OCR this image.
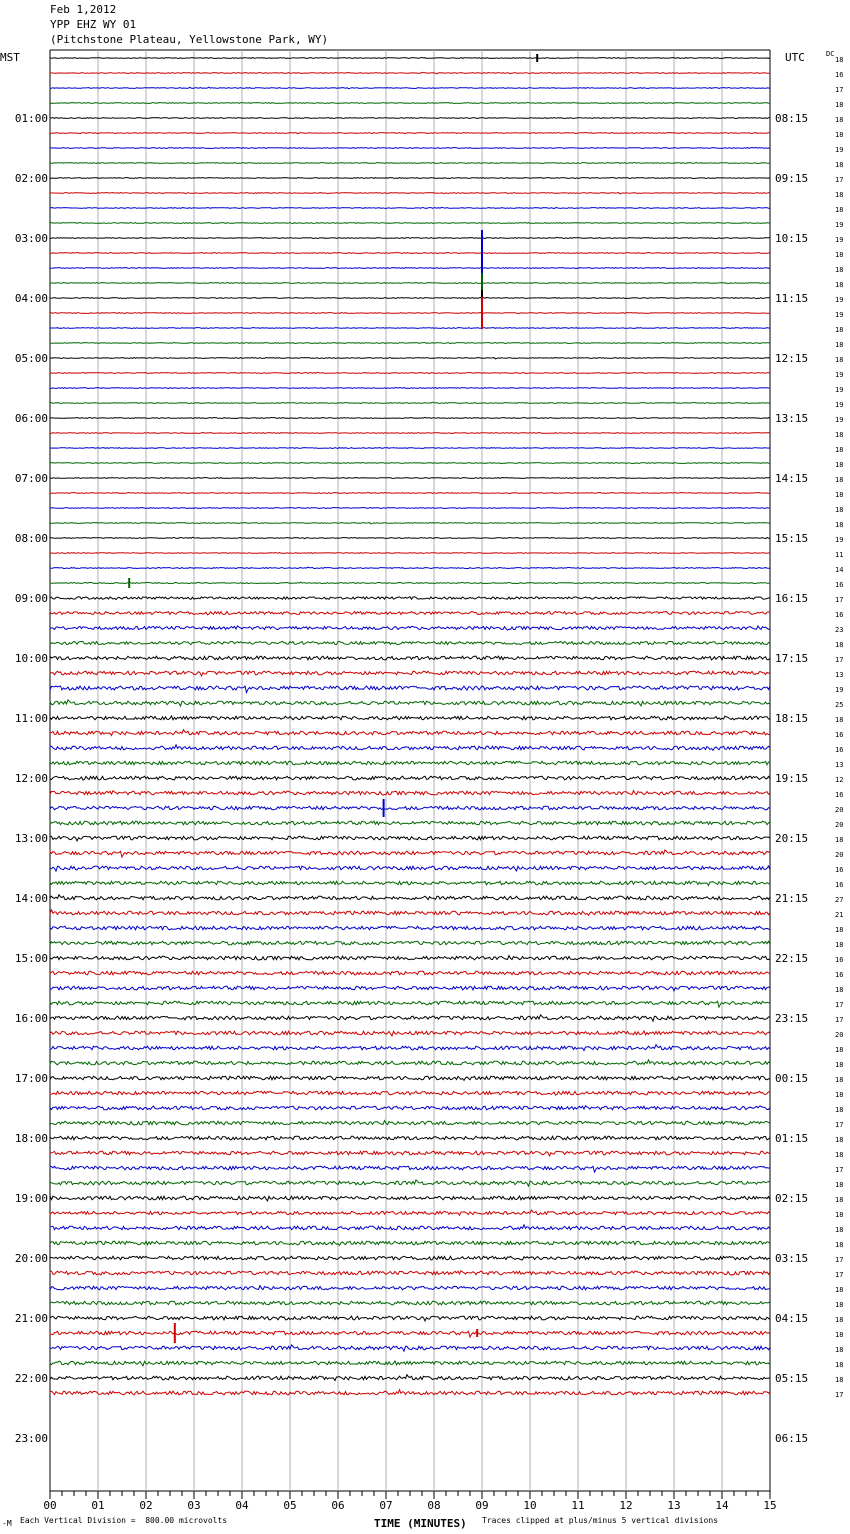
Feb 1,2012
YPP EHZ WY 01
(Pitchstone Plateau, Yellowstone Park, WY)
MST	UTC	DC
01:00
02:00
03:00
04:00
05:00
06:00
07:00
08:00
09:00
10:00
11:00
12:00
13:00
14:00
15:00
16:00
17:00
18:00
19:00
20:00
21:00
22:00
23:00
08:15
09:15
10:15
11:15
12:15
13:15
14:15
15:15
16:15
17:15
18:15
19:15
20:15
21:15
22:15
23:15
00:15
01:15
02:15
03:15
04:15
05:15
06:15
18
16
17
18
18
18
19
18
17
18
18
19
19
18
18
18
19
19
18
18
18
19
19
19
19
18
18
18
18
18
18
18
19
11
14
16
17
16
23
18
17
13
19
25
18
16
16
13
12
16
20
20
18
20
16
16
27
21
18
18
16
16
18
17
17
20
18
18
18
18
18
17
18
18
17
18
18
18
18
18
17
17
18
18
18
18
18
18
18
17
00	01	02	03	04	05	06	07	08	09	10	11	12	13	14	15
TIME (MINUTES)
-M Each Vertical Division =  800.00 microvolts	Traces clipped at plus/minus 5 vertical divisions
